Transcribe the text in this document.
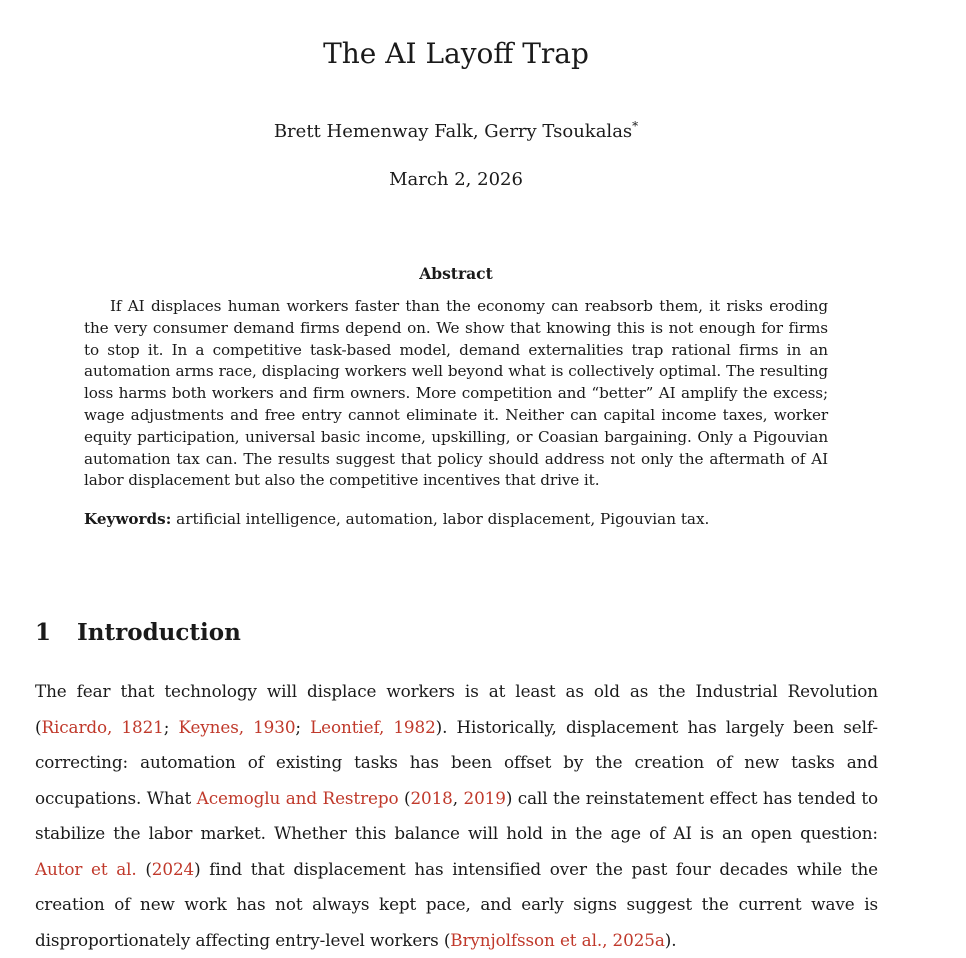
The AI Layoff Trap
Brett Hemenway Falk, Gerry Tsoukalas*
March 2, 2026
Abstract
If AI displaces human workers faster than the economy can reabsorb them, it risks eroding the very consumer demand firms depend on. We show that knowing this is not enough for firms to stop it. In a competitive task-based model, demand externalities trap rational firms in an automation arms race, displacing workers well beyond what is collectively optimal. The resulting loss harms both workers and firm owners. More competition and “better” AI amplify the excess; wage adjustments and free entry cannot eliminate it. Neither can capital income taxes, worker equity participation, universal basic income, upskilling, or Coasian bargaining. Only a Pigouvian automation tax can. The results suggest that policy should address not only the aftermath of AI labor displacement but also the competitive incentives that drive it.
Keywords: artificial intelligence, automation, labor displacement, Pigouvian tax.
1 Introduction
The fear that technology will displace workers is at least as old as the Industrial Revolution (Ricardo, 1821; Keynes, 1930; Leontief, 1982). Historically, displacement has largely been self-correcting: automation of existing tasks has been offset by the creation of new tasks and occupations. What Acemoglu and Restrepo (2018, 2019) call the reinstatement effect has tended to stabilize the labor market. Whether this balance will hold in the age of AI is an open question: Autor et al. (2024) find that displacement has intensified over the past four decades while the creation of new work has not always kept pace, and early signs suggest the current wave is disproportionately affecting entry-level workers (Brynjolfsson et al., 2025a).
